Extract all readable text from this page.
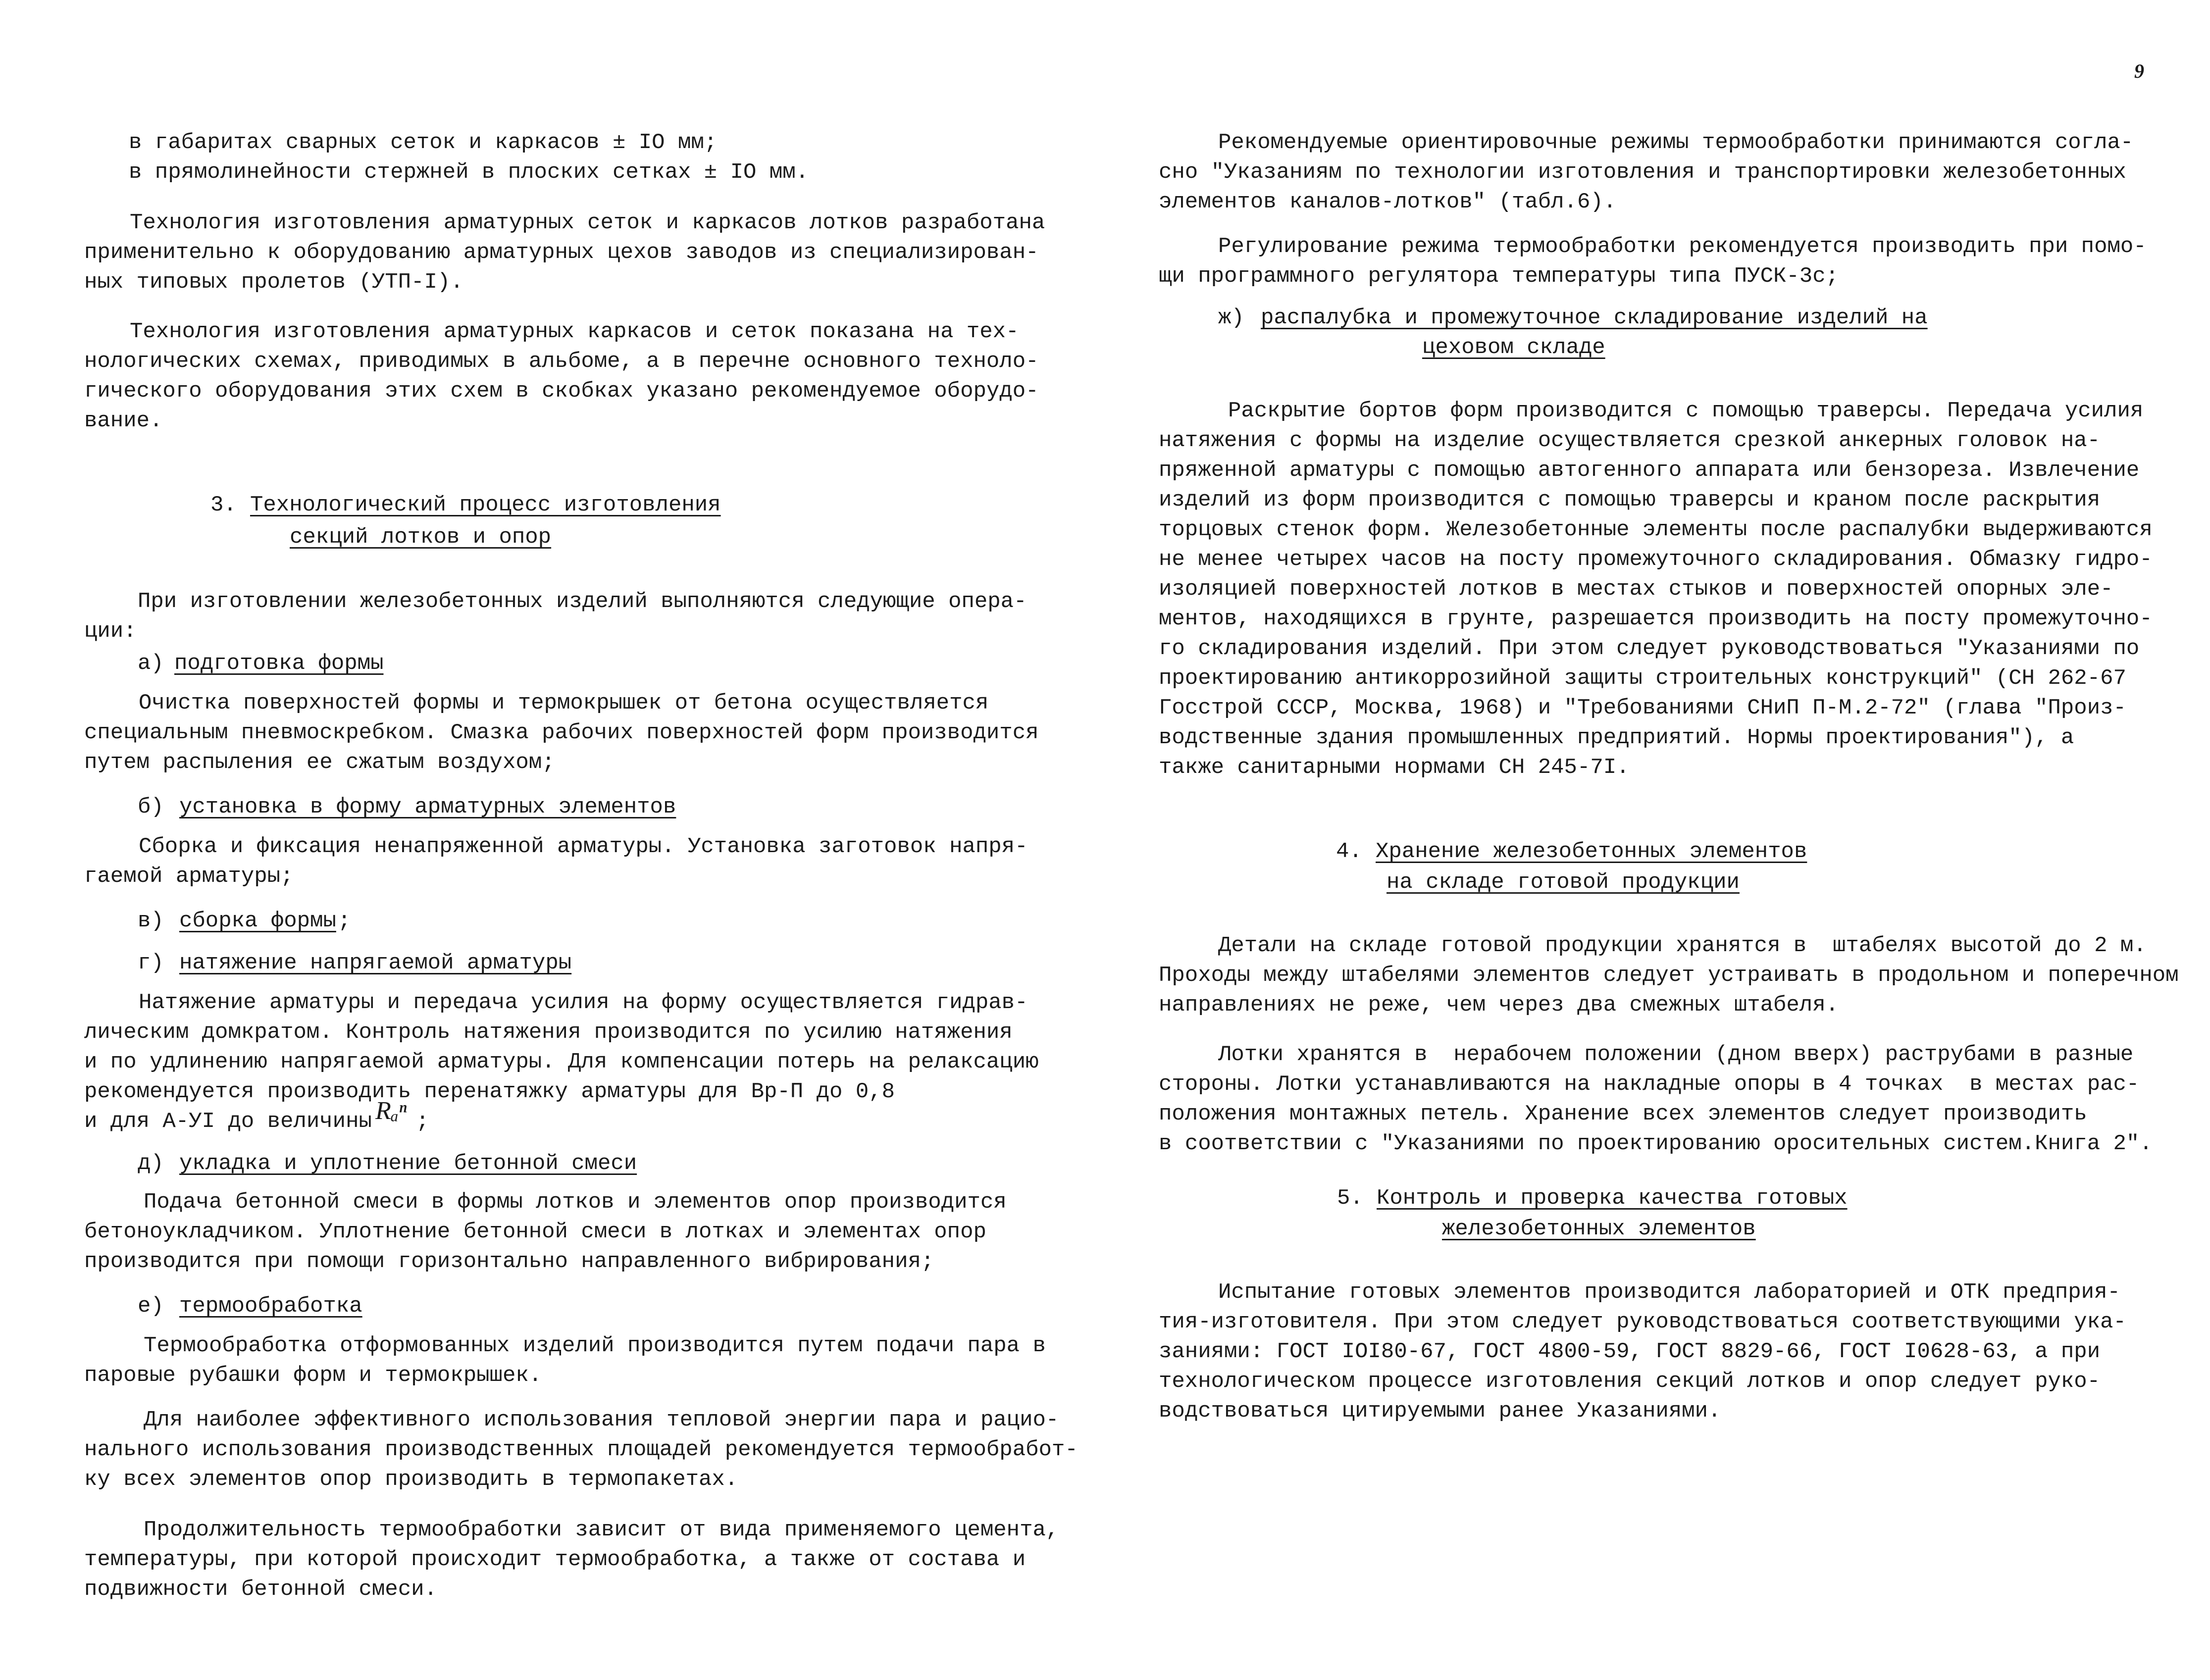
9
в габаритах сварных сеток и каркасов ± IO мм;
в прямолинейности стержней в плоских сетках ± IO мм.
Технология изготовления арматурных сеток и каркасов лотков разработана
применительно к оборудованию арматурных цехов заводов из специализирован-
ных типовых пролетов (УТП-I).
Технология изготовления арматурных каркасов и сеток показана на тех-
нологических схемах, приводимых в альбоме, а в перечне основного техноло-
гического оборудования этих схем в скобках указано рекомендуемое оборудо-
вание.
3. Технологический процесс изготовления
секций лотков и опор
При изготовлении железобетонных изделий выполняются следующие опера-
ции:
а) подготовка формы
Очистка поверхностей формы и термокрышек от бетона осуществляется
специальным пневмоскребком. Смазка рабочих поверхностей форм производится
путем распыления ее сжатым воздухом;
б) установка в форму арматурных элементов
Сборка и фиксация ненапряженной арматуры. Установка заготовок напря-
гаемой арматуры;
в) сборка формы ;
г) натяжение напрягаемой арматуры
Натяжение арматуры и передача усилия на форму осуществляется гидрав-
лическим домкратом. Контроль натяжения производится по усилию натяжения
и по удлинению напрягаемой арматуры. Для компенсации потерь на релаксацию
рекомендуется производить перенатяжку арматуры для Вр-П до 0,8
и для А-УI до величины Rₐⁿ ;
д) укладка и уплотнение бетонной смеси
Подача бетонной смеси в формы лотков и элементов опор производится
бетоноукладчиком. Уплотнение бетонной смеси в лотках и элементах опор
производится при помощи горизонтально направленного вибрирования;
е) термообработка
Термообработка отформованных изделий производится путем подачи пара в
паровые рубашки форм и термокрышек.
Для наиболее эффективного использования тепловой энергии пара и рацио-
нального использования производственных площадей рекомендуется термообработ-
ку всех элементов опор производить в термопакетах.
Продолжительность термообработки зависит от вида применяемого цемента,
температуры, при которой происходит термообработка, а также от состава и
подвижности бетонной смеси.
Рекомендуемые ориентировочные режимы термообработки принимаются согла-
сно "Указаниям по технологии изготовления и транспортировки железобетонных
элементов каналов-лотков" (табл.6).
Регулирование режима термообработки рекомендуется производить при помо-
щи программного регулятора температуры типа ПУСК-3с;
ж) распалубка и промежуточное складирование изделий на
цеховом складе
Раскрытие бортов форм производится с помощью траверсы. Передача усилия
натяжения с формы на изделие осуществляется срезкой анкерных головок на-
пряженной арматуры с помощью автогенного аппарата или бензореза. Извлечение
изделий из форм производится с помощью траверсы и краном после раскрытия
торцовых стенок форм. Железобетонные элементы после распалубки выдерживаются
не менее четырех часов на посту промежуточного складирования. Обмазку гидро-
изоляцией поверхностей лотков в местах стыков и поверхностей опорных эле-
ментов, находящихся в грунте, разрешается производить на посту промежуточно-
го складирования изделий. При этом следует руководствоваться "Указаниями по
проектированию антикоррозийной защиты строительных конструкций" (СН 262-67
Госстрой СССР, Москва, 1968) и "Требованиями СНиП П-М.2-72" (глава "Произ-
водственные здания промышленных предприятий. Нормы проектирования"), а
также санитарными нормами СН 245-7I.
4. Хранение железобетонных элементов
на складе готовой продукции
Детали на складе готовой продукции хранятся в  штабелях высотой до 2 м.
Проходы между штабелями элементов следует устраивать в продольном и поперечном
направлениях не реже, чем через два смежных штабеля.
Лотки хранятся в  нерабочем положении (дном вверх) раструбами в разные
стороны. Лотки устанавливаются на накладные опоры в 4 точках  в местах рас-
положения монтажных петель. Хранение всех элементов следует производить
в соответствии с "Указаниями по проектированию оросительных систем.Книга 2".
5. Контроль и проверка качества готовых
железобетонных элементов
Испытание готовых элементов производится лабораторией и ОТК предприя-
тия-изготовителя. При этом следует руководствоваться соответствующими ука-
заниями: ГОСТ IOI80-67, ГОСТ 4800-59, ГОСТ 8829-66, ГОСТ I0628-63, а при
технологическом процессе изготовления секций лотков и опор следует руко-
водствоваться цитируемыми ранее Указаниями.
